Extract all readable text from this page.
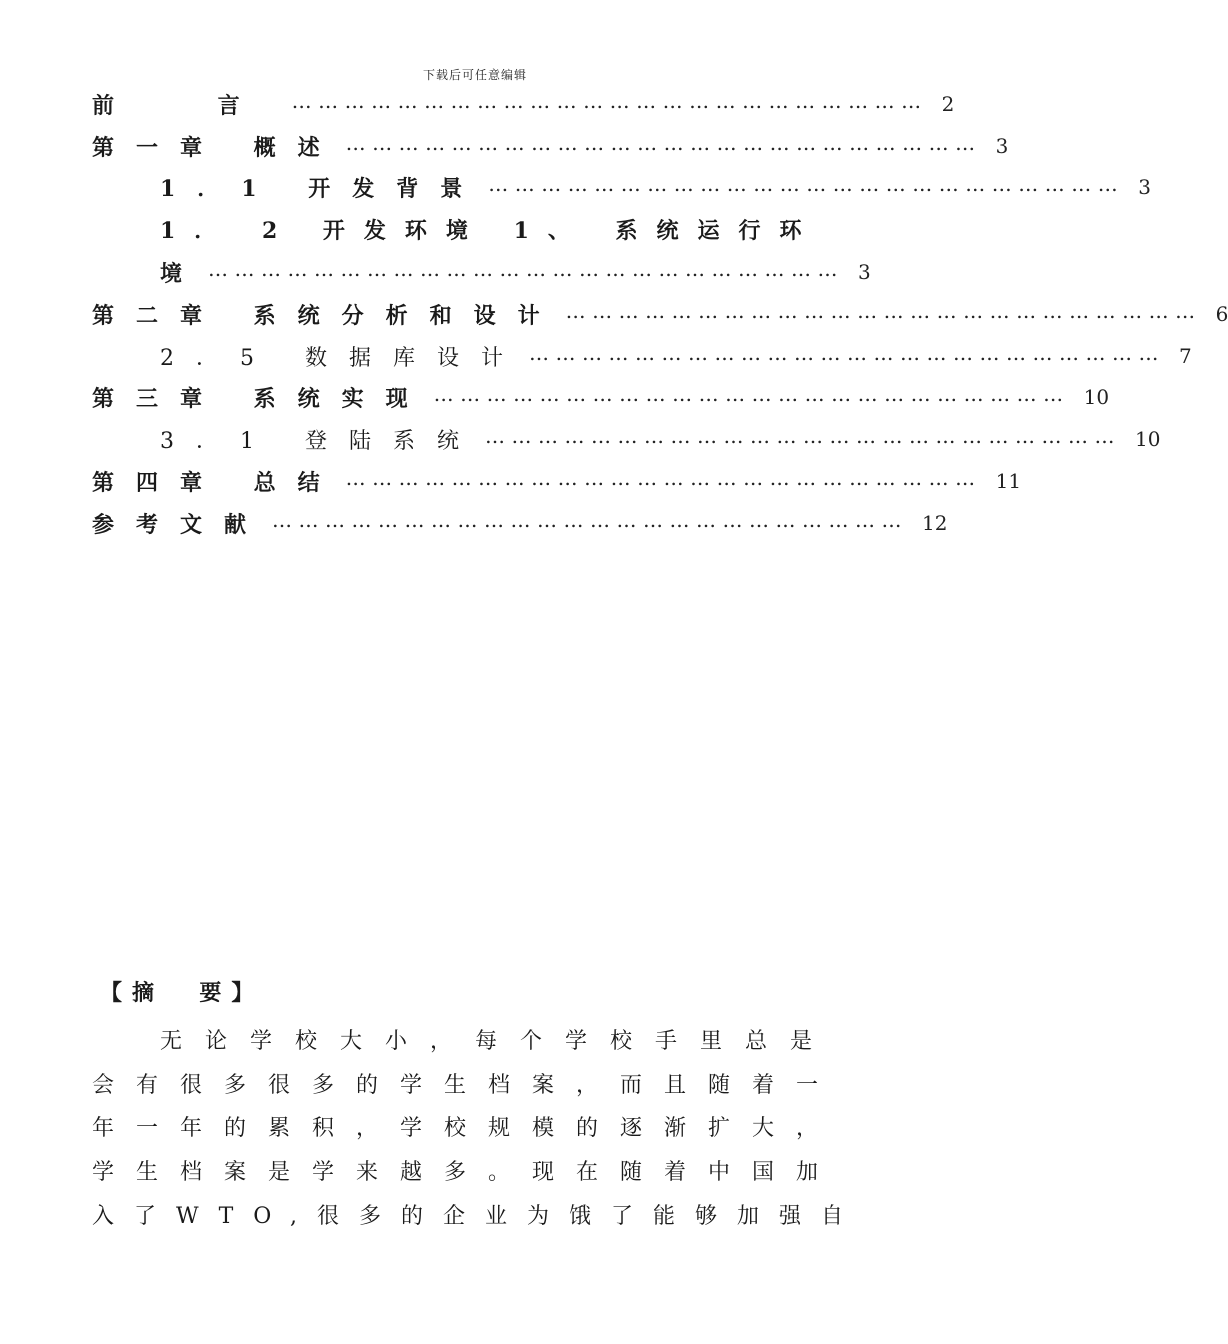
下载后可任意编辑
前 言 ……………………………………………………………… 2
第一章 概述 ……………………………………………………………… 3
1．1 开发背景 ……………………………………………………………… 3
1． 2 开发环境 1、 系统运行环
境 ……………………………………………………………… 3
第二章 系统分析和设计 ……………………………………………………………… 6
2．5 数据库设计 ……………………………………………………………… 7
第三章 系统实现 ……………………………………………………………… 10
3．1 登陆系统 ……………………………………………………………… 10
第四章 总结 ……………………………………………………………… 11
参考文献 ……………………………………………………………… 12
【摘  要】
无论学校大小，每个学校手里总是
会有很多很多的学生档案，而且随着一
年一年的累积，学校规模的逐渐扩大，
学生档案是学来越多。现在随着中国加
入了WTO,很多的企业为饿了能够加强自
